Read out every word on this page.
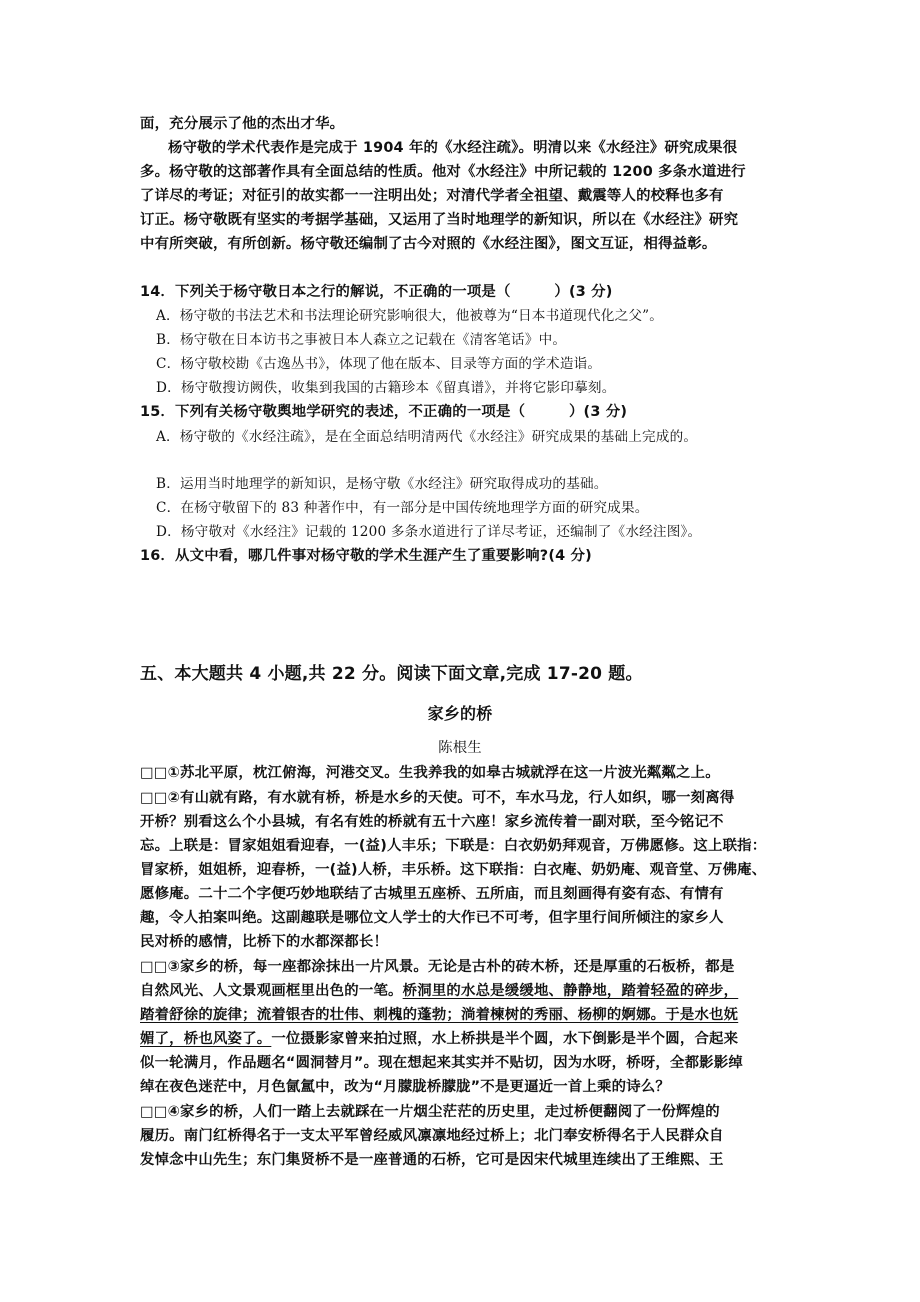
面，充分展示了他的杰出才华。
杨守敬的学术代表作是完成于 1904 年的《水经注疏》。明清以来《水经注》研究成果很
多。杨守敬的这部著作具有全面总结的性质。他对《水经注》中所记载的 1200 多条水道进行
了详尽的考证；对征引的故实都一一注明出处；对清代学者全祖望、戴震等人的校释也多有
订正。杨守敬既有坚实的考据学基础，又运用了当时地理学的新知识，所以在《水经注》研究
中有所突破，有所创新。杨守敬还编制了古今对照的《水经注图》，图文互证，相得益彰。
14．下列关于杨守敬日本之行的解说，不正确的一项是（　　　）(3 分)
A．杨守敬的书法艺术和书法理论研究影响很大，他被尊为“日本书道现代化之父”。
B．杨守敬在日本访书之事被日本人森立之记载在《清客笔话》中。
C．杨守敬校勘《古逸丛书》，体现了他在版本、目录等方面的学术造诣。
D．杨守敬搜访阙佚，收集到我国的古籍珍本《留真谱》，并将它影印摹刻。
15．下列有关杨守敬舆地学研究的表述，不正确的一项是（　　　）(3 分)
A．杨守敬的《水经注疏》，是在全面总结明清两代《水经注》研究成果的基础上完成的。
B．运用当时地理学的新知识，是杨守敬《水经注》研究取得成功的基础。
C．在杨守敬留下的 83 种著作中，有一部分是中国传统地理学方面的研究成果。
D．杨守敬对《水经注》记载的 1200 多条水道进行了详尽考证，还编制了《水经注图》。
16．从文中看，哪几件事对杨守敬的学术生涯产生了重要影响?(4 分)
五、本大题共 4 小题,共 22 分。阅读下面文章,完成 17-20 题。
家乡的桥
陈根生
□□①苏北平原，枕江俯海，河港交叉。生我养我的如皋古城就浮在这一片波光粼粼之上。
□□②有山就有路，有水就有桥，桥是水乡的天使。可不，车水马龙，行人如织，哪一刻离得
开桥？别看这么个小县城，有名有姓的桥就有五十六座！家乡流传着一副对联，至今铭记不
忘。上联是：冒家姐姐看迎春，一(益)人丰乐；下联是：白衣奶奶拜观音，万佛愿修。这上联指：
冒家桥，姐姐桥，迎春桥，一(益)人桥，丰乐桥。这下联指：白衣庵、奶奶庵、观音堂、万佛庵、
愿修庵。二十二个字便巧妙地联结了古城里五座桥、五所庙，而且刻画得有姿有态、有情有
趣，令人拍案叫绝。这副趣联是哪位文人学士的大作已不可考，但字里行间所倾注的家乡人
民对桥的感情，比桥下的水都深都长！
□□③家乡的桥，每一座都涂抹出一片风景。无论是古朴的砖木桥，还是厚重的石板桥，都是
自然风光、人文景观画框里出色的一笔。桥洞里的水总是缓缓地、静静地，踏着轻盈的碎步，
踏着舒徐的旋律；流着银杏的壮伟、刺槐的蓬勃；淌着楝树的秀丽、杨柳的婀娜。于是水也妩
媚了，桥也风姿了。一位摄影家曾来拍过照，水上桥拱是半个圆，水下倒影是半个圆，合起来
似一轮满月，作品题名“圆洞替月”。现在想起来其实并不贴切，因为水呀，桥呀，全都影影绰
绰在夜色迷茫中，月色氤氲中，改为“月朦胧桥朦胧”不是更逼近一首上乘的诗么？
□□④家乡的桥，人们一踏上去就踩在一片烟尘茫茫的历史里，走过桥便翻阅了一份辉煌的
履历。南门红桥得名于一支太平军曾经威风凛凛地经过桥上；北门奉安桥得名于人民群众自
发悼念中山先生；东门集贤桥不是一座普通的石桥，它可是因宋代城里连续出了王维熙、王
